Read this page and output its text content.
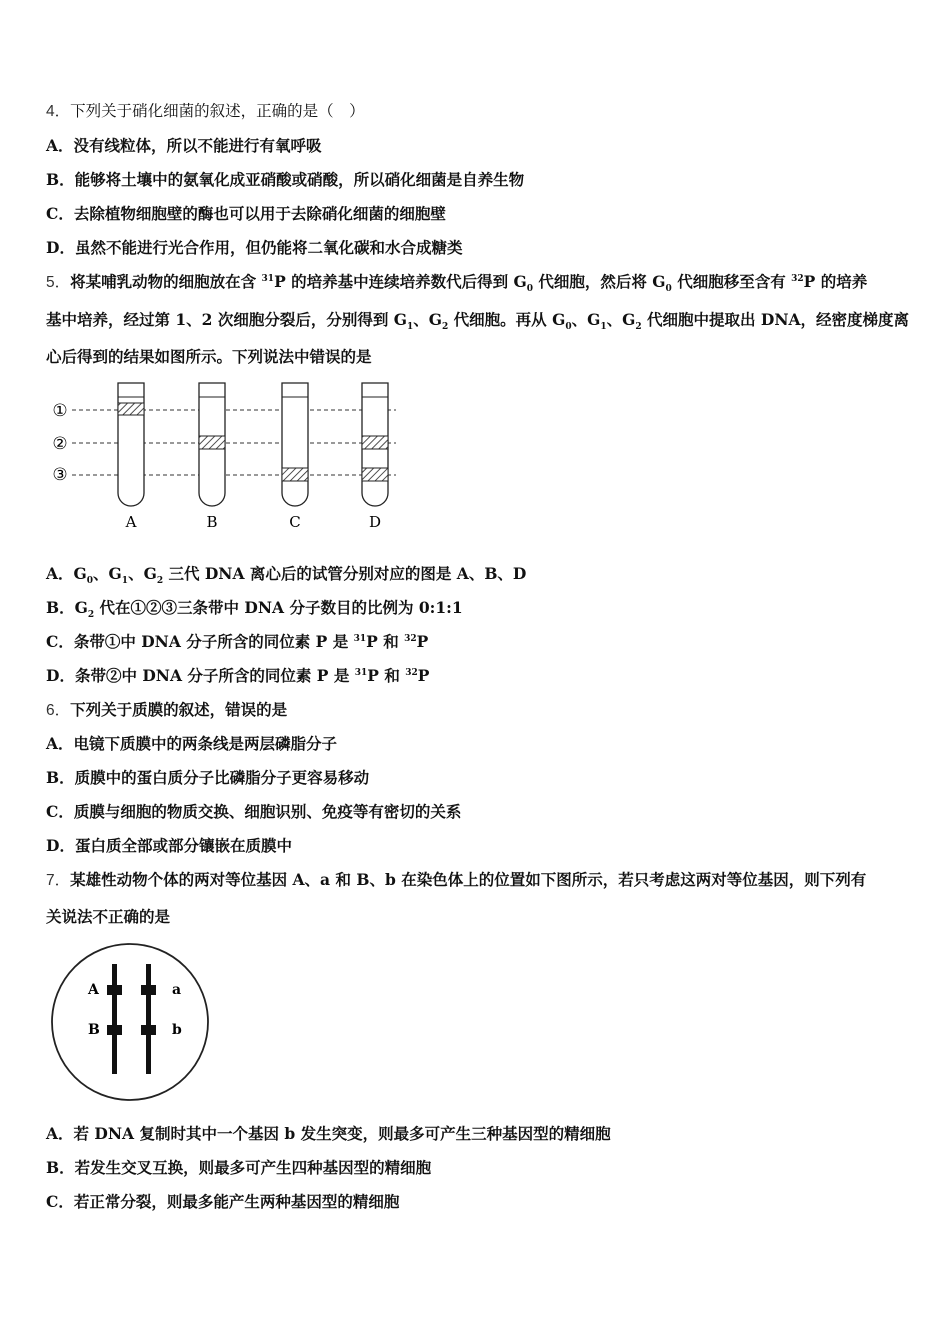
4．下列关于硝化细菌的叙述，正确的是（　）
A．没有线粒体，所以不能进行有氧呼吸
B．能够将土壤中的氨氧化成亚硝酸或硝酸，所以硝化细菌是自养生物
C．去除植物细胞壁的酶也可以用于去除硝化细菌的细胞壁
D．虽然不能进行光合作用，但仍能将二氧化碳和水合成糖类
5．将某哺乳动物的细胞放在含 $^{31}$P 的培养基中连续培养数代后得到 $G_0$ 代细胞，然后将 $G_0$ 代细胞移至含有 $^{32}$P 的培养
基中培养，经过第 1、2 次细胞分裂后，分别得到 $G_1$、$G_2$ 代细胞。再从 $G_0$、$G_1$、$G_2$ 代细胞中提取出 DNA，经密度梯度离
心后得到的结果如图所示。下列说法中错误的是
①
②
③
A	B	C	D
A．$G_0$、$G_1$、$G_2$ 三代 DNA 离心后的试管分别对应的图是 A、B、D
B．$G_2$ 代在①②③三条带中 DNA 分子数目的比例为 0:1:1
C．条带①中 DNA 分子所含的同位素 P 是 $^{31}$P 和 $^{32}$P
D．条带②中 DNA 分子所含的同位素 P 是 $^{31}$P 和 $^{32}$P
6．下列关于质膜的叙述，错误的是
A．电镜下质膜中的两条线是两层磷脂分子
B．质膜中的蛋白质分子比磷脂分子更容易移动
C．质膜与细胞的物质交换、细胞识别、免疫等有密切的关系
D．蛋白质全部或部分镶嵌在质膜中
7．某雄性动物个体的两对等位基因 A、a 和 B、b 在染色体上的位置如下图所示，若只考虑这两对等位基因，则下列有
关说法不正确的是
A
B
a
b
A．若 DNA 复制时其中一个基因 b 发生突变，则最多可产生三种基因型的精细胞
B．若发生交叉互换，则最多可产生四种基因型的精细胞
C．若正常分裂，则最多能产生两种基因型的精细胞
